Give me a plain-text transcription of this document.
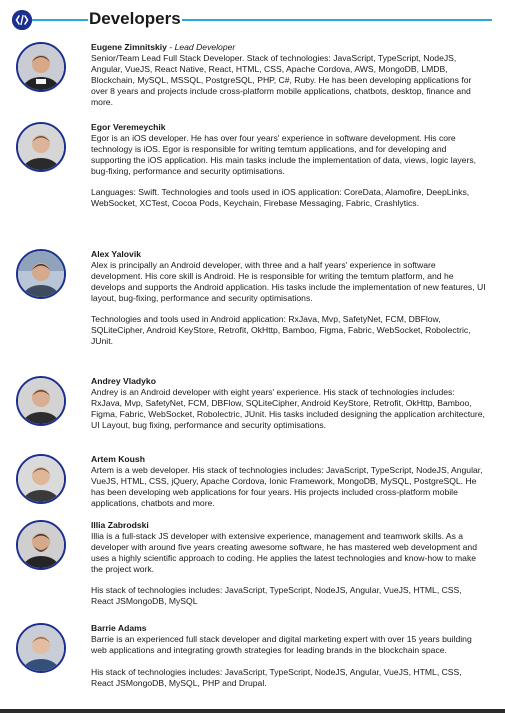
Developers
Eugene Zimnitskiy - Lead Developer
Senior/Team Lead Full Stack Developer. Stack of technologies: JavaScript, TypeScript, NodeJS, Angular, VueJS, React Native, React, HTML, CSS, Apache Cordova, AWS, MongoDB, LMDB, Blockchain, MySQL, MSSQL, PostgreSQL, PHP, C#, Ruby. He has been developing applications for over 8 years and projects include cross-platform mobile applications, chatbots, desktop, finance and more.
Egor Veremeychik
Egor is an iOS developer. He has over four years' experience in software development. His core technology is iOS. Egor is responsible for writing temtum applications, and for developing and supporting the iOS application. His main tasks include the implementation of data, views, logic layers, bug-fixing, performance and security optimisations.
Languages: Swift. Technologies and tools used in iOS application: CoreData, Alamofire, DeepLinks, WebSocket, XCTest, Cocoa Pods, Keychain, Firebase Messaging, Fabric, Crashlytics.
Alex Yalovik
Alex is principally an Android developer, with three and a half years' experience in software development. His core skill is Android. He is responsible for writing the temtum platform, and he develops and supports the Android application. His tasks include the implementation of new features, UI layout, bug-fixing, performance and security optimisations.
Technologies and tools used in Android application: RxJava, Mvp, SafetyNet, FCM, DBFlow, SQLiteCipher, Android KeyStore, Retrofit, OkHttp, Bamboo, Figma, Fabric, WebSocket, Robolectric, JUnit.
Andrey Vladyko
Andrey is an Android developer with eight years' experience. His stack of technologies includes: RxJava, Mvp, SafetyNet, FCM, DBFlow, SQLiteCipher, Android KeyStore, Retrofit, OkHttp, Bamboo, Figma, Fabric, WebSocket, Robolectric, JUnit. His tasks included designing the application architecture, UI Layout, bug fixing, performance and security optimisations.
Artem Koush
Artem is a web developer. His stack of technologies includes: JavaScript, TypeScript, NodeJS, Angular, VueJS, HTML, CSS, jQuery, Apache Cordova, Ionic Framework, MongoDB, MySQL, PostgreSQL. He has been developing web applications for four years. His projects included cross-platform mobile applications, chatbots and more.
Illia Zabrodski
Illia is a full-stack JS developer with extensive experience, management and teamwork skills. As a developer with around five years creating awesome software, he has mastered web development and uses a highly scientific approach to coding. He applies the latest technologies and know-how to make the project work.
His stack of technologies includes: JavaScript, TypeScript, NodeJS, Angular, VueJS, HTML, CSS, React JSMongoDB, MySQL
Barrie Adams
Barrie is an experienced full stack developer and digital marketing expert with over 15 years building web applications and integrating growth strategies for leading brands in the blockchain space.
His stack of technologies includes: JavaScript, TypeScript, NodeJS, Angular, VueJS, HTML, CSS, React JSMongoDB, MySQL, PHP and Drupal.
